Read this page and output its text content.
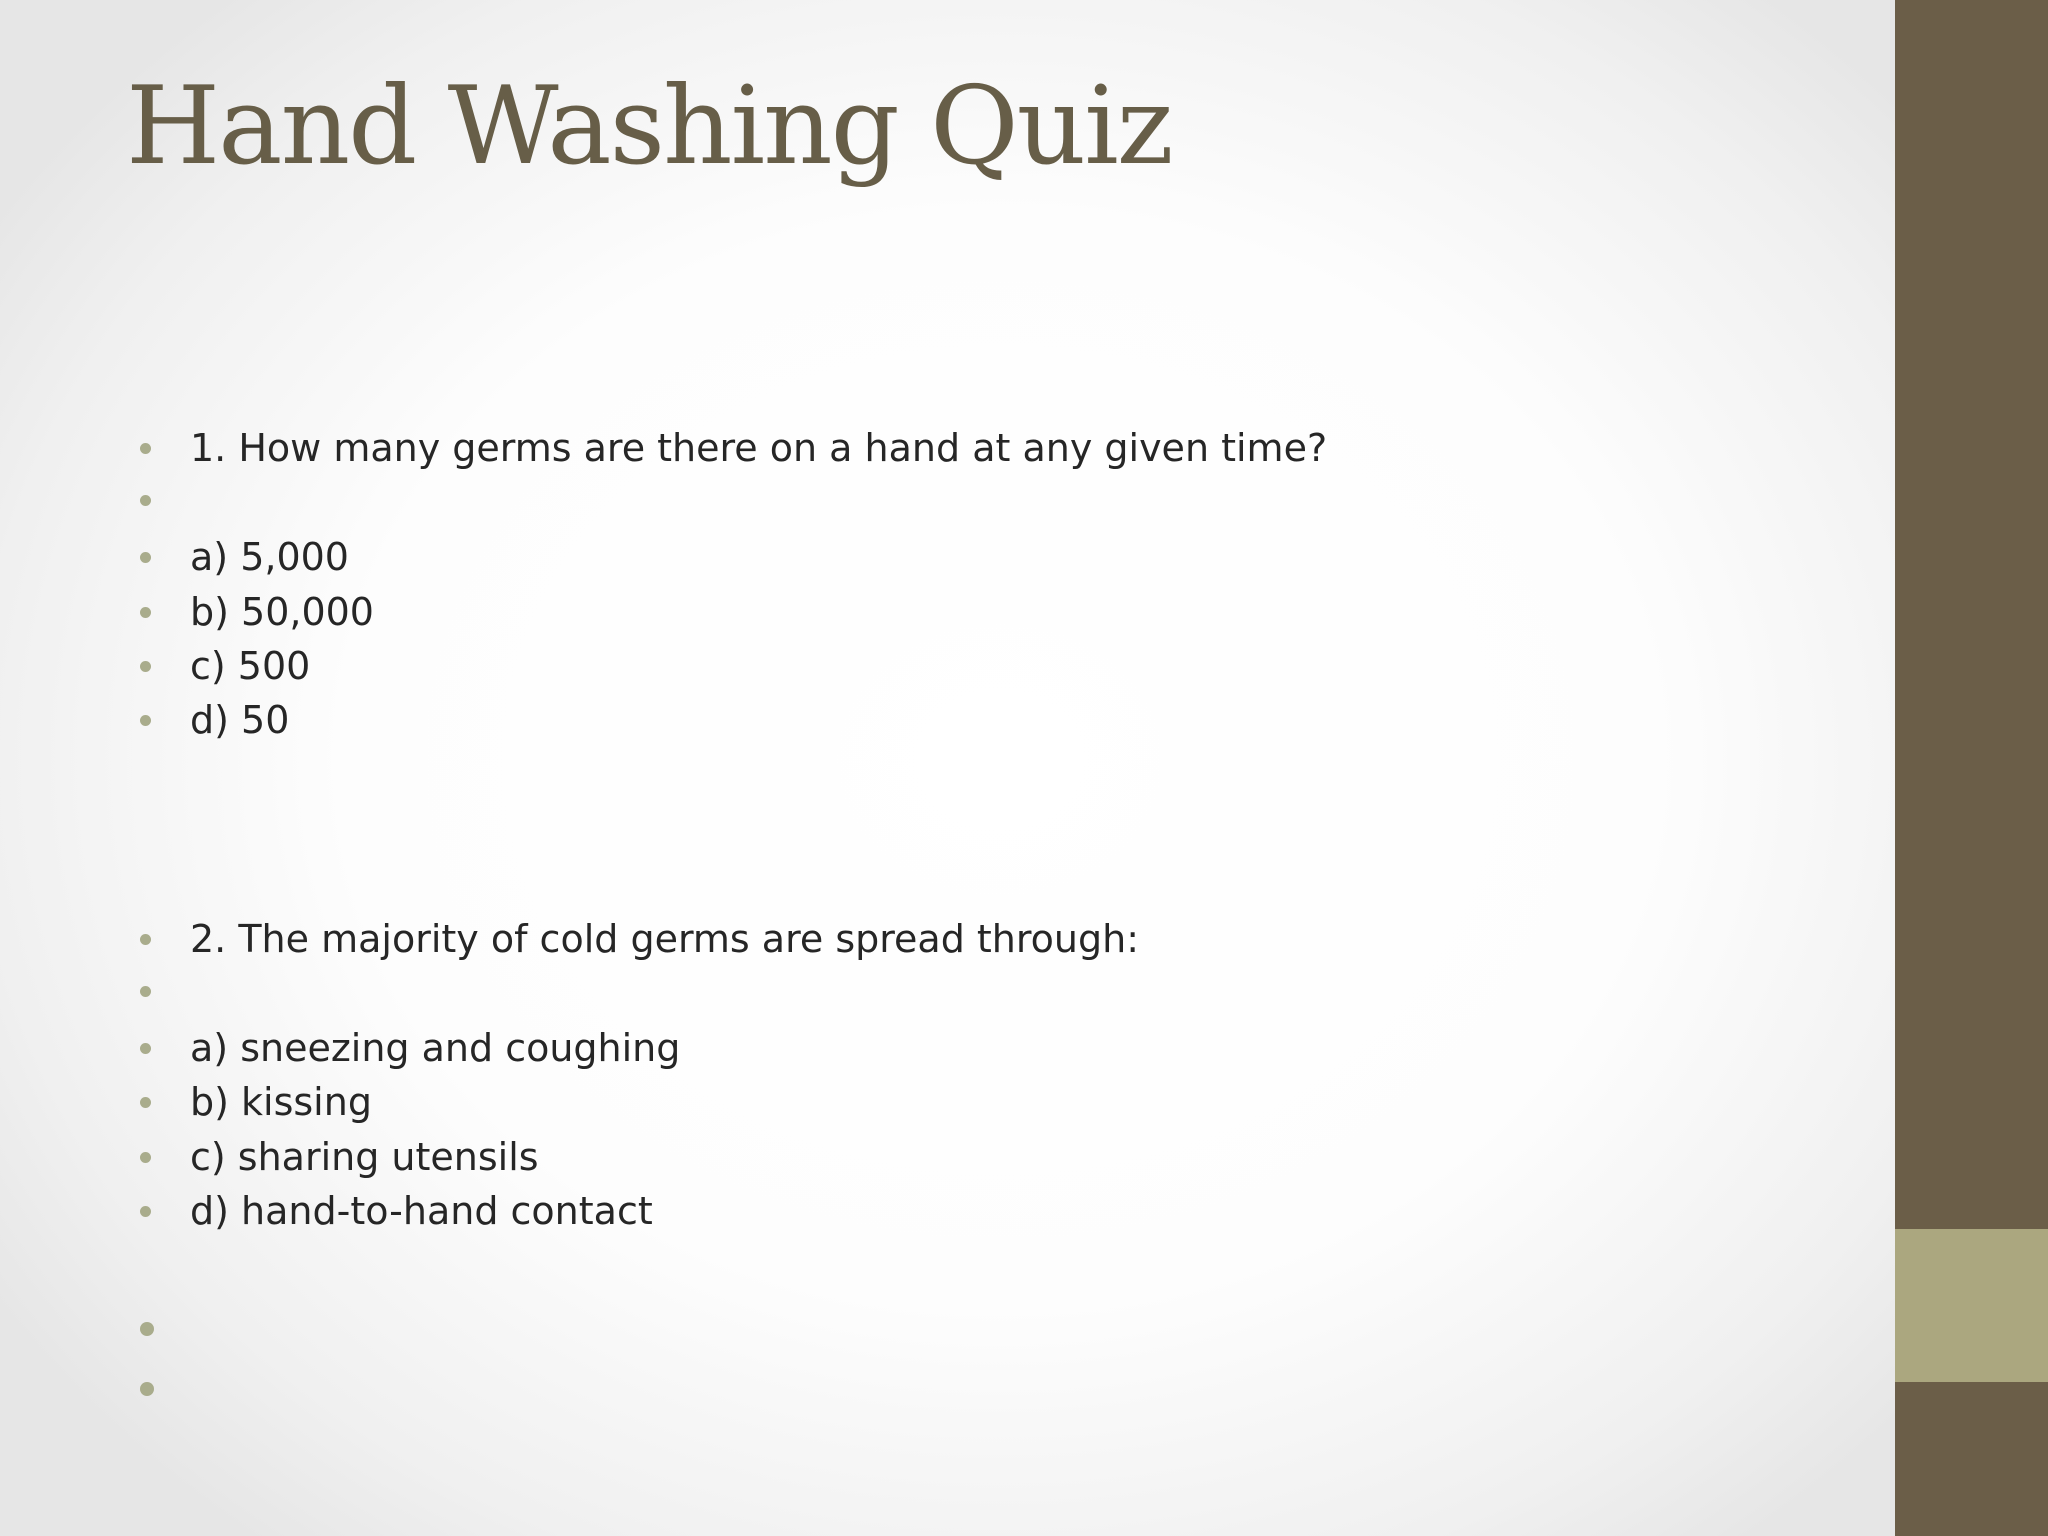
Hand Washing Quiz
1. How many germs are there on a hand at any given time?
a) 5,000
b) 50,000
c) 500
d) 50
2. The majority of cold germs are spread through:
a) sneezing and coughing
b) kissing
c) sharing utensils
d) hand-to-hand contact
